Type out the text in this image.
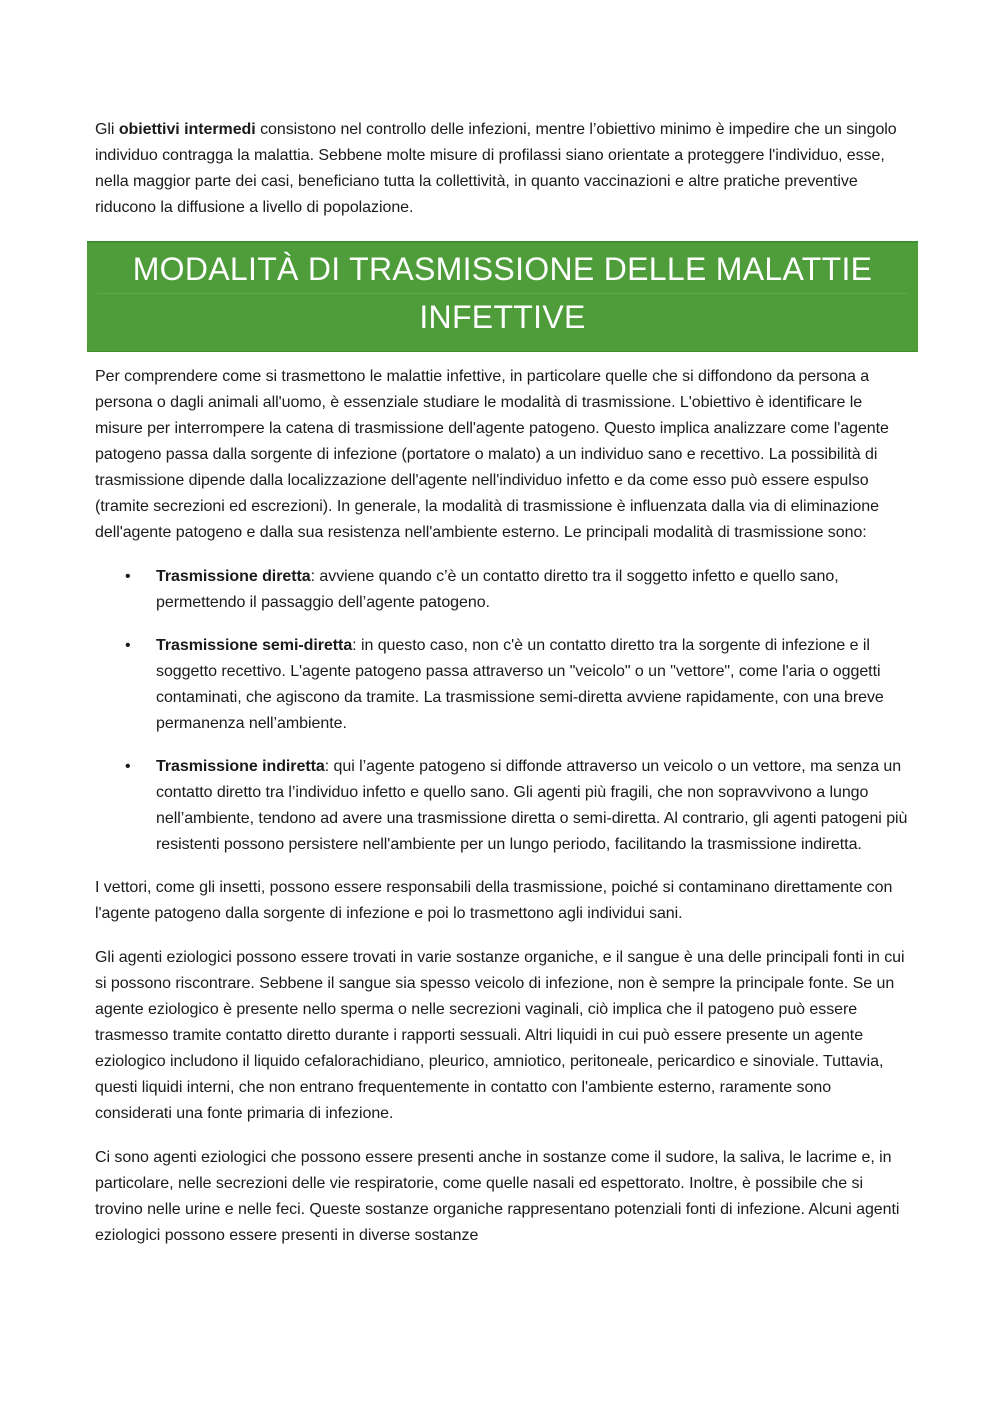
Gli obiettivi intermedi consistono nel controllo delle infezioni, mentre l’obiettivo minimo è impedire che un singolo individuo contragga la malattia. Sebbene molte misure di profilassi siano orientate a proteggere l'individuo, esse, nella maggior parte dei casi, beneficiano tutta la collettività, in quanto vaccinazioni e altre pratiche preventive riducono la diffusione a livello di popolazione.

MODALITÀ DI TRASMISSIONE DELLE MALATTIE
INFETTIVE

Per comprendere come si trasmettono le malattie infettive, in particolare quelle che si diffondono da persona a persona o dagli animali all'uomo, è essenziale studiare le modalità di trasmissione. L'obiettivo è identificare le misure per interrompere la catena di trasmissione dell'agente patogeno. Questo implica analizzare come l'agente patogeno passa dalla sorgente di infezione (portatore o malato) a un individuo sano e recettivo. La possibilità di trasmissione dipende dalla localizzazione dell'agente nell'individuo infetto e da come esso può essere espulso (tramite secrezioni ed escrezioni). In generale, la modalità di trasmissione è influenzata dalla via di eliminazione dell'agente patogeno e dalla sua resistenza nell'ambiente esterno. Le principali modalità di trasmissione sono:

• Trasmissione diretta: avviene quando c’è un contatto diretto tra il soggetto infetto e quello sano, permettendo il passaggio dell’agente patogeno.
• Trasmissione semi-diretta: in questo caso, non c'è un contatto diretto tra la sorgente di infezione e il soggetto recettivo. L'agente patogeno passa attraverso un "veicolo" o un "vettore", come l'aria o oggetti contaminati, che agiscono da tramite. La trasmissione semi-diretta avviene rapidamente, con una breve permanenza nell’ambiente.
• Trasmissione indiretta: qui l’agente patogeno si diffonde attraverso un veicolo o un vettore, ma senza un contatto diretto tra l’individuo infetto e quello sano. Gli agenti più fragili, che non sopravvivono a lungo nell’ambiente, tendono ad avere una trasmissione diretta o semi-diretta. Al contrario, gli agenti patogeni più resistenti possono persistere nell'ambiente per un lungo periodo, facilitando la trasmissione indiretta.

I vettori, come gli insetti, possono essere responsabili della trasmissione, poiché si contaminano direttamente con l'agente patogeno dalla sorgente di infezione e poi lo trasmettono agli individui sani.

Gli agenti eziologici possono essere trovati in varie sostanze organiche, e il sangue è una delle principali fonti in cui si possono riscontrare. Sebbene il sangue sia spesso veicolo di infezione, non è sempre la principale fonte. Se un agente eziologico è presente nello sperma o nelle secrezioni vaginali, ciò implica che il patogeno può essere trasmesso tramite contatto diretto durante i rapporti sessuali. Altri liquidi in cui può essere presente un agente eziologico includono il liquido cefalorachidiano, pleurico, amniotico, peritoneale, pericardico e sinoviale. Tuttavia, questi liquidi interni, che non entrano frequentemente in contatto con l'ambiente esterno, raramente sono considerati una fonte primaria di infezione.

Ci sono agenti eziologici che possono essere presenti anche in sostanze come il sudore, la saliva, le lacrime e, in particolare, nelle secrezioni delle vie respiratorie, come quelle nasali ed espettorato. Inoltre, è possibile che si trovino nelle urine e nelle feci. Queste sostanze organiche rappresentano potenziali fonti di infezione. Alcuni agenti eziologici possono essere presenti in diverse sostanze
